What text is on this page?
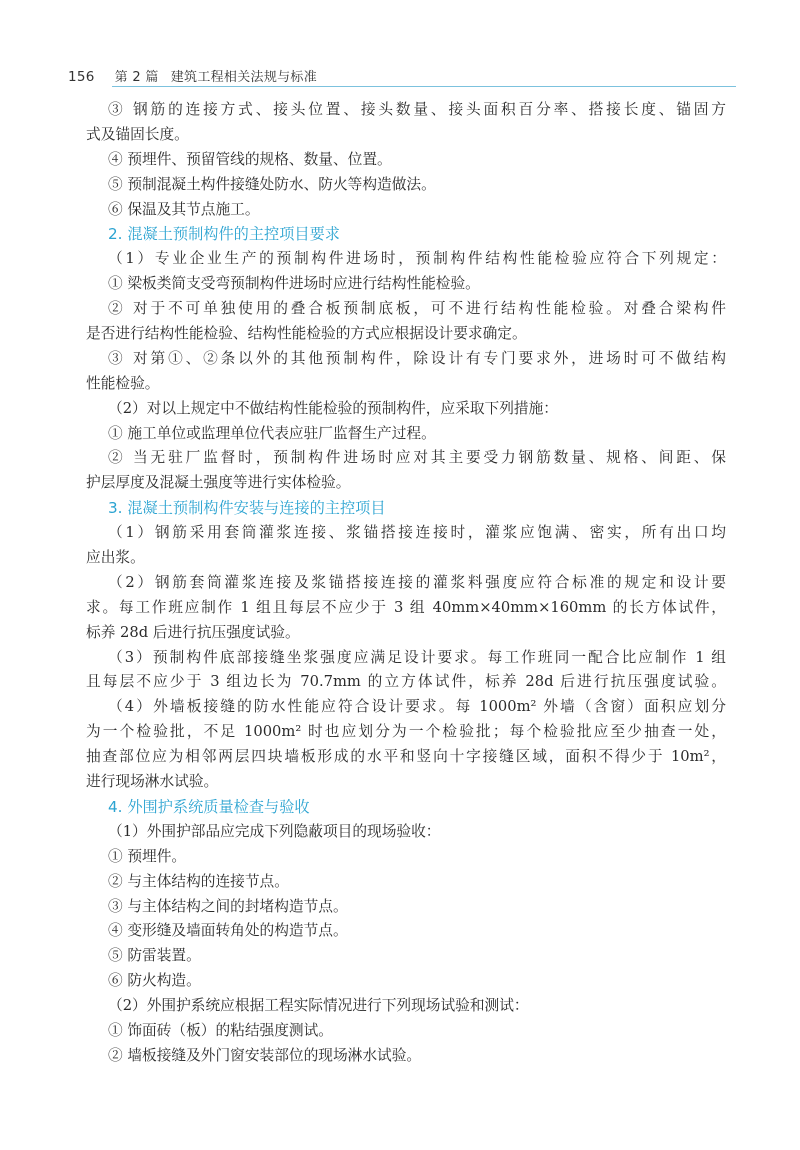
156 第 2 篇 建筑工程相关法规与标准
③ 钢筋的连接方式、接头位置、接头数量、接头面积百分率、搭接长度、锚固方
式及锚固长度。
④ 预埋件、预留管线的规格、数量、位置。
⑤ 预制混凝土构件接缝处防水、防火等构造做法。
⑥ 保温及其节点施工。
2. 混凝土预制构件的主控项目要求
（1）专业企业生产的预制构件进场时，预制构件结构性能检验应符合下列规定：
① 梁板类简支受弯预制构件进场时应进行结构性能检验。
② 对于不可单独使用的叠合板预制底板，可不进行结构性能检验。对叠合梁构件
是否进行结构性能检验、结构性能检验的方式应根据设计要求确定。
③ 对第①、②条以外的其他预制构件，除设计有专门要求外，进场时可不做结构
性能检验。
（2）对以上规定中不做结构性能检验的预制构件，应采取下列措施：
① 施工单位或监理单位代表应驻厂监督生产过程。
② 当无驻厂监督时，预制构件进场时应对其主要受力钢筋数量、规格、间距、保
护层厚度及混凝土强度等进行实体检验。
3. 混凝土预制构件安装与连接的主控项目
（1）钢筋采用套筒灌浆连接、浆锚搭接连接时，灌浆应饱满、密实，所有出口均
应出浆。
（2）钢筋套筒灌浆连接及浆锚搭接连接的灌浆料强度应符合标准的规定和设计要
求。每工作班应制作 1 组且每层不应少于 3 组 40mm×40mm×160mm 的长方体试件，
标养 28d 后进行抗压强度试验。
（3）预制构件底部接缝坐浆强度应满足设计要求。每工作班同一配合比应制作 1 组
且每层不应少于 3 组边长为 70.7mm 的立方体试件，标养 28d 后进行抗压强度试验。
（4）外墙板接缝的防水性能应符合设计要求。每 1000m² 外墙（含窗）面积应划分
为一个检验批，不足 1000m² 时也应划分为一个检验批；每个检验批应至少抽查一处，
抽查部位应为相邻两层四块墙板形成的水平和竖向十字接缝区域，面积不得少于 10m²，
进行现场淋水试验。
4. 外围护系统质量检查与验收
（1）外围护部品应完成下列隐蔽项目的现场验收：
① 预埋件。
② 与主体结构的连接节点。
③ 与主体结构之间的封堵构造节点。
④ 变形缝及墙面转角处的构造节点。
⑤ 防雷装置。
⑥ 防火构造。
（2）外围护系统应根据工程实际情况进行下列现场试验和测试：
① 饰面砖（板）的粘结强度测试。
② 墙板接缝及外门窗安装部位的现场淋水试验。
